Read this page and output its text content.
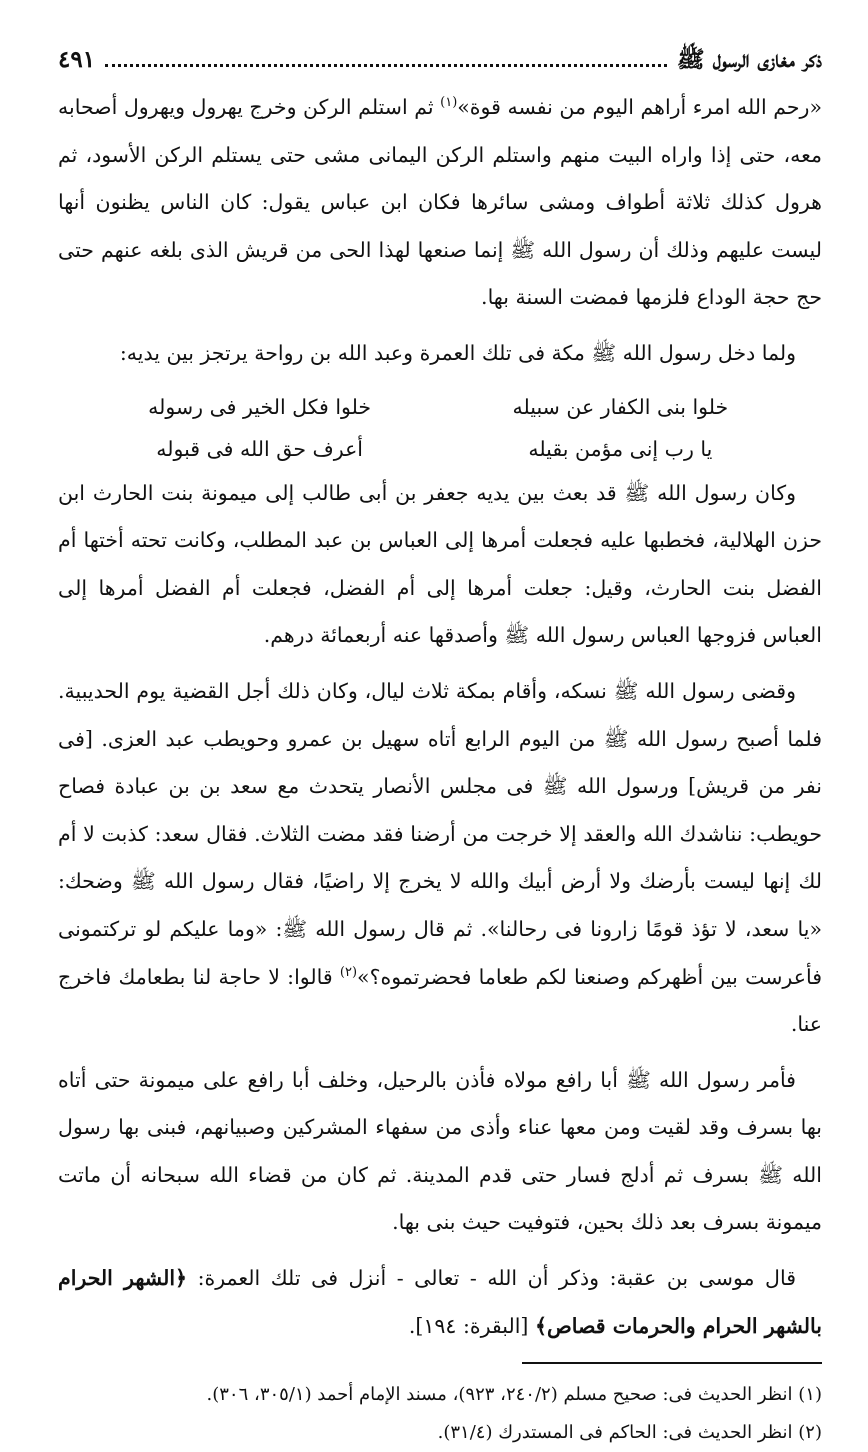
ذكر مغازى الرسول ﷺ
٤٩١

«رحم الله امرء أراهم اليوم من نفسه قوة»$^{(١)}$ ثم استلم الركن وخرج يهرول ويهرول أصحابه معه، حتى إذا واراه البيت منهم واستلم الركن اليمانى مشى حتى يستلم الركن الأسود، ثم هرول كذلك ثلاثة أطواف ومشى سائرها فكان ابن عباس يقول: كان الناس يظنون أنها ليست عليهم وذلك أن رسول الله ﷺ إنما صنعها لهذا الحى من قريش الذى بلغه عنهم حتى حج حجة الوداع فلزمها فمضت السنة بها.

ولما دخل رسول الله ﷺ مكة فى تلك العمرة وعبد الله بن رواحة يرتجز بين يديه:

خلوا بنى الكفار عن سبيله
خلوا فكل الخير فى رسوله
يا رب إنى مؤمن بقيله
أعرف حق الله فى قبوله

وكان رسول الله ﷺ قد بعث بين يديه جعفر بن أبى طالب إلى ميمونة بنت الحارث ابن حزن الهلالية، فخطبها عليه فجعلت أمرها إلى العباس بن عبد المطلب، وكانت تحته أختها أم الفضل بنت الحارث، وقيل: جعلت أمرها إلى أم الفضل، فجعلت أم الفضل أمرها إلى العباس فزوجها العباس رسول الله ﷺ وأصدقها عنه أربعمائة درهم.

وقضى رسول الله ﷺ نسكه، وأقام بمكة ثلاث ليال، وكان ذلك أجل القضية يوم الحديبية. فلما أصبح رسول الله ﷺ من اليوم الرابع أتاه سهيل بن عمرو وحويطب عبد العزى. [فى نفر من قريش] ورسول الله ﷺ فى مجلس الأنصار يتحدث مع سعد بن بن عبادة فصاح حويطب: نناشدك الله والعقد إلا خرجت من أرضنا فقد مضت الثلاث. فقال سعد: كذبت لا أم لك إنها ليست بأرضك ولا أرض أبيك والله لا يخرج إلا راضيًا، فقال رسول الله ﷺ وضحك: «يا سعد، لا تؤذ قومًا زارونا فى رحالنا». ثم قال رسول الله ﷺ: «وما عليكم لو تركتمونى فأعرست بين أظهركم وصنعنا لكم طعاما فحضرتموه؟»$^{(٢)}$ قالوا: لا حاجة لنا بطعامك فاخرج عنا.

فأمر رسول الله ﷺ أبا رافع مولاه فأذن بالرحيل، وخلف أبا رافع على ميمونة حتى أتاه بها بسرف وقد لقيت ومن معها عناء وأذى من سفهاء المشركين وصبيانهم، فبنى بها رسول الله ﷺ بسرف ثم أدلج فسار حتى قدم المدينة. ثم كان من قضاء الله سبحانه أن ماتت ميمونة بسرف بعد ذلك بحين، فتوفيت حيث بنى بها.

قال موسى بن عقبة: وذكر أن الله - تعالى - أنزل فى تلك العمرة: ﴿الشهر الحرام بالشهر الحرام والحرمات قصاص﴾ [البقرة: ١٩٤].

(١) انظر الحديث فى: صحيح مسلم (٢٤٠/٢، ٩٢٣)، مسند الإمام أحمد (٣٠٥/١، ٣٠٦).

(٢) انظر الحديث فى: الحاكم فى المستدرك (٣١/٤).
